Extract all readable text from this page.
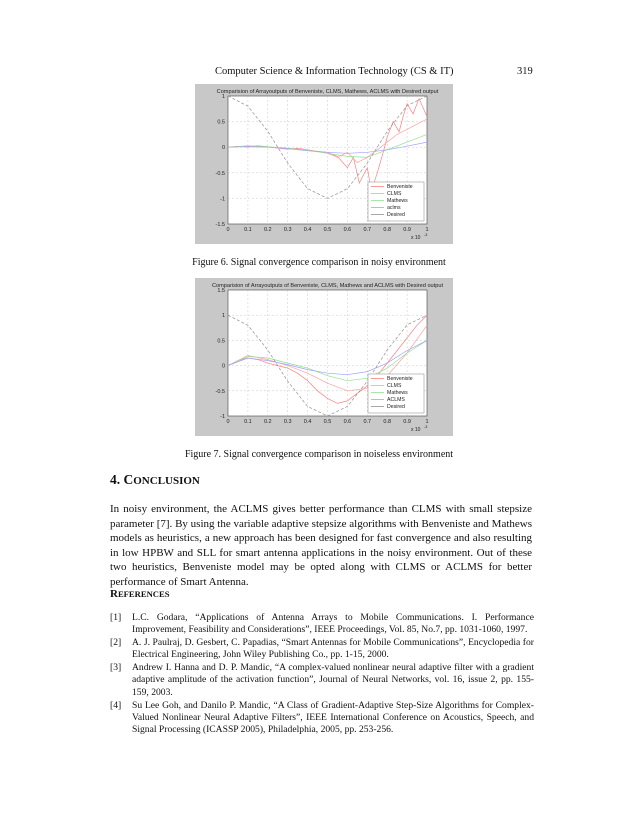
Computer Science & Information Technology (CS & IT)	319
Comparision of Arrayoutputs of Benveniste, CLMS, Mathews, ACLMS with Desired output
0	0.1 0.2 0.3 0.4 0.5 0.6 0.7 0.8 0.9	1
1
0.5
0
-0.5
-1
-1.5
x 10 -3
Benveniste
CLMS
Mathews
aclms
Desired
Figure 6. Signal convergence comparison in noisy environment
Comparision of Arrayoutputs of Benveniste, CLMS, Mathews and ACLMS with Desired output
0	0.1 0.2 0.3 0.4 0.5 0.6 0.7 0.8 0.9	1
1.5
1
0.5
0
-0.5
-1
x 10 -3
Benveniste
CLMS
Mathews
ACLMS
Desired
Figure 7. Signal convergence comparison in noiseless environment
4. CONCLUSION
In noisy environment, the ACLMS gives better performance than CLMS with small stepsize parameter [7]. By using the variable adaptive stepsize algorithms with Benveniste and Mathews models as heuristics, a new approach has been designed for fast convergence and also resulting in low HPBW and SLL for smart antenna applications in the noisy environment. Out of these two heuristics, Benveniste model may be opted along with CLMS or ACLMS for better performance of Smart Antenna.
REFERENCES
[1]	L.C. Godara, “Applications of Antenna Arrays to Mobile Communications. I. Performance Improvement, Feasibility and Considerations”, IEEE Proceedings, Vol. 85, No.7, pp. 1031-1060, 1997.
[2]	A. J. Paulraj, D. Gesbert, C. Papadias, “Smart Antennas for Mobile Communications”, Encyclopedia for Electrical Engineering, John Wiley Publishing Co., pp. 1-15, 2000.
[3]	Andrew I. Hanna and D. P. Mandic, “A complex-valued nonlinear neural adaptive filter with a gradient adaptive amplitude of the activation function”, Journal of Neural Networks, vol. 16, issue 2, pp. 155-159, 2003.
[4]	Su Lee Goh, and Danilo P. Mandic, “A Class of Gradient-Adaptive Step-Size Algorithms for Complex-Valued Nonlinear Neural Adaptive Filters”, IEEE International Conference on Acoustics, Speech, and Signal Processing (ICASSP 2005), Philadelphia, 2005, pp. 253-256.
